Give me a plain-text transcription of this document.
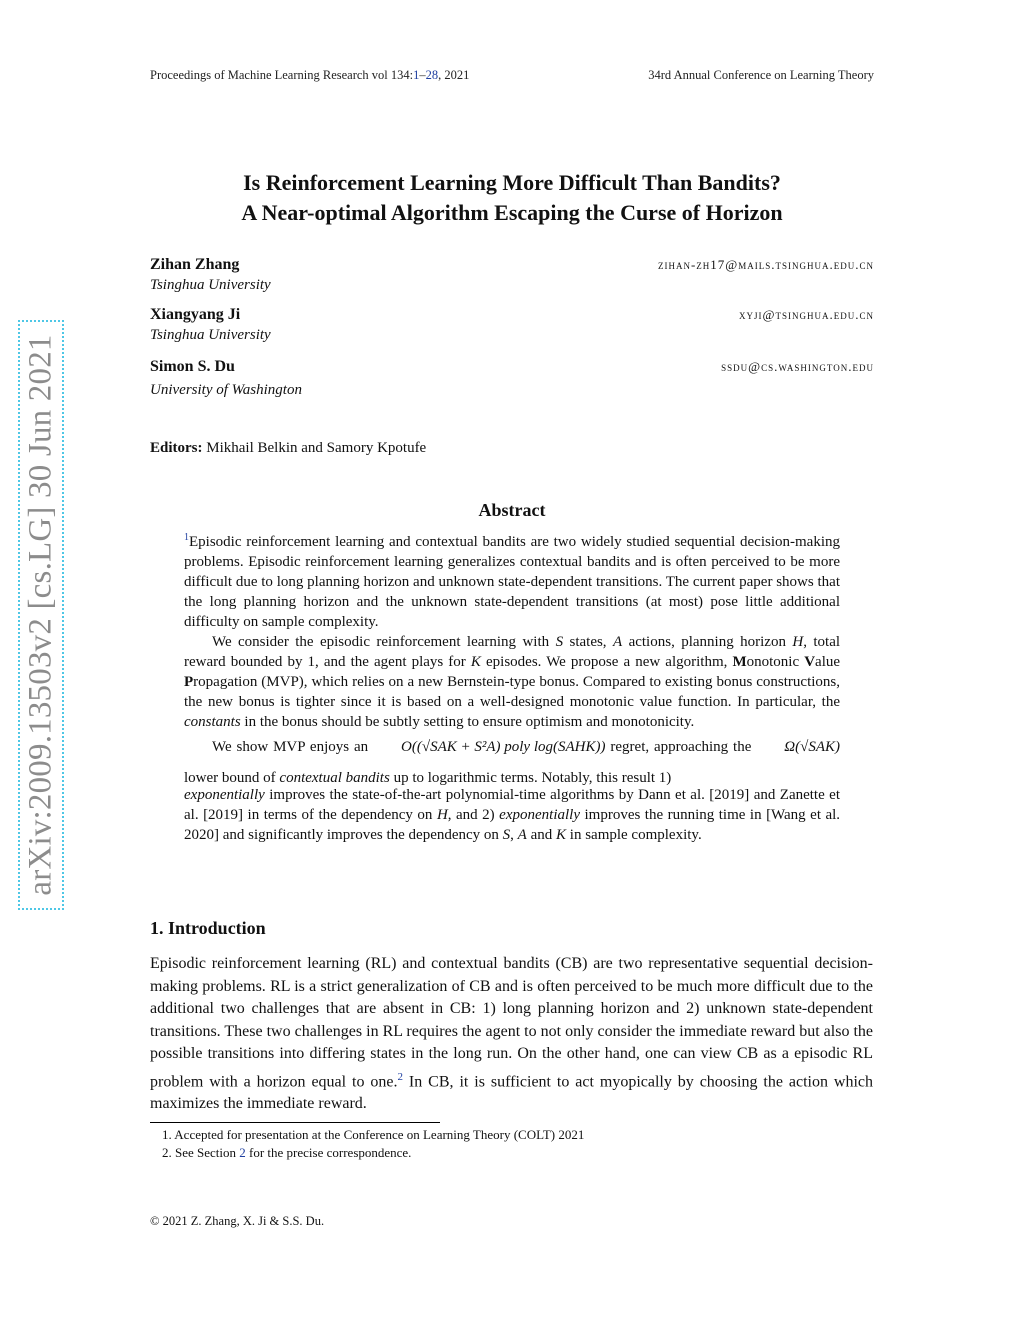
Proceedings of Machine Learning Research vol 134:1–28, 2021	34rd Annual Conference on Learning Theory
arXiv:2009.13503v2 [cs.LG] 30 Jun 2021
Is Reinforcement Learning More Difficult Than Bandits?
A Near-optimal Algorithm Escaping the Curse of Horizon
Zihan Zhang	zihan-zh17@mails.tsinghua.edu.cn
Tsinghua University
Xiangyang Ji	xyji@tsinghua.edu.cn
Tsinghua University
Simon S. Du	ssdu@cs.washington.edu
University of Washington
Editors: Mikhail Belkin and Samory Kpotufe
Abstract

$^1$Episodic reinforcement learning and contextual bandits are two widely studied sequential decision-making problems. Episodic reinforcement learning generalizes contextual bandits and is often perceived to be more difficult due to long planning horizon and unknown state-dependent transitions. The current paper shows that the long planning horizon and the unknown state-dependent transitions (at most) pose little additional difficulty on sample complexity.

We consider the episodic reinforcement learning with S states, A actions, planning horizon H, total reward bounded by 1, and the agent plays for K episodes. We propose a new algorithm, Monotonic Value Propagation (MVP), which relies on a new Bernstein-type bonus. Compared to existing bonus constructions, the new bonus is tighter since it is based on a well-designed monotonic value function. In particular, the constants in the bonus should be subtly setting to ensure optimism and monotonicity.

We show MVP enjoys an O((√SAK + S²A) poly log(SAHK)) regret, approaching the Ω(√SAK) lower bound of contextual bandits up to logarithmic terms. Notably, this result 1)

exponentially improves the state-of-the-art polynomial-time algorithms by Dann et al. [2019] and Zanette et al. [2019] in terms of the dependency on H, and 2) exponentially improves the running time in [Wang et al. 2020] and significantly improves the dependency on S, A and K in sample complexity.

1. Introduction

Episodic reinforcement learning (RL) and contextual bandits (CB) are two representative sequential decision-making problems. RL is a strict generalization of CB and is often perceived to be much more difficult due to the additional two challenges that are absent in CB: 1) long planning horizon and 2) unknown state-dependent transitions. These two challenges in RL requires the agent to not only consider the immediate reward but also the possible transitions into differing states in the long run. On the other hand, one can view CB as a episodic RL problem with a horizon equal to one.$^2$ In CB, it is sufficient to act myopically by choosing the action which maximizes the immediate reward.

1. Accepted for presentation at the Conference on Learning Theory (COLT) 2021
2. See Section 2 for the precise correspondence.
© 2021 Z. Zhang, X. Ji & S.S. Du.
